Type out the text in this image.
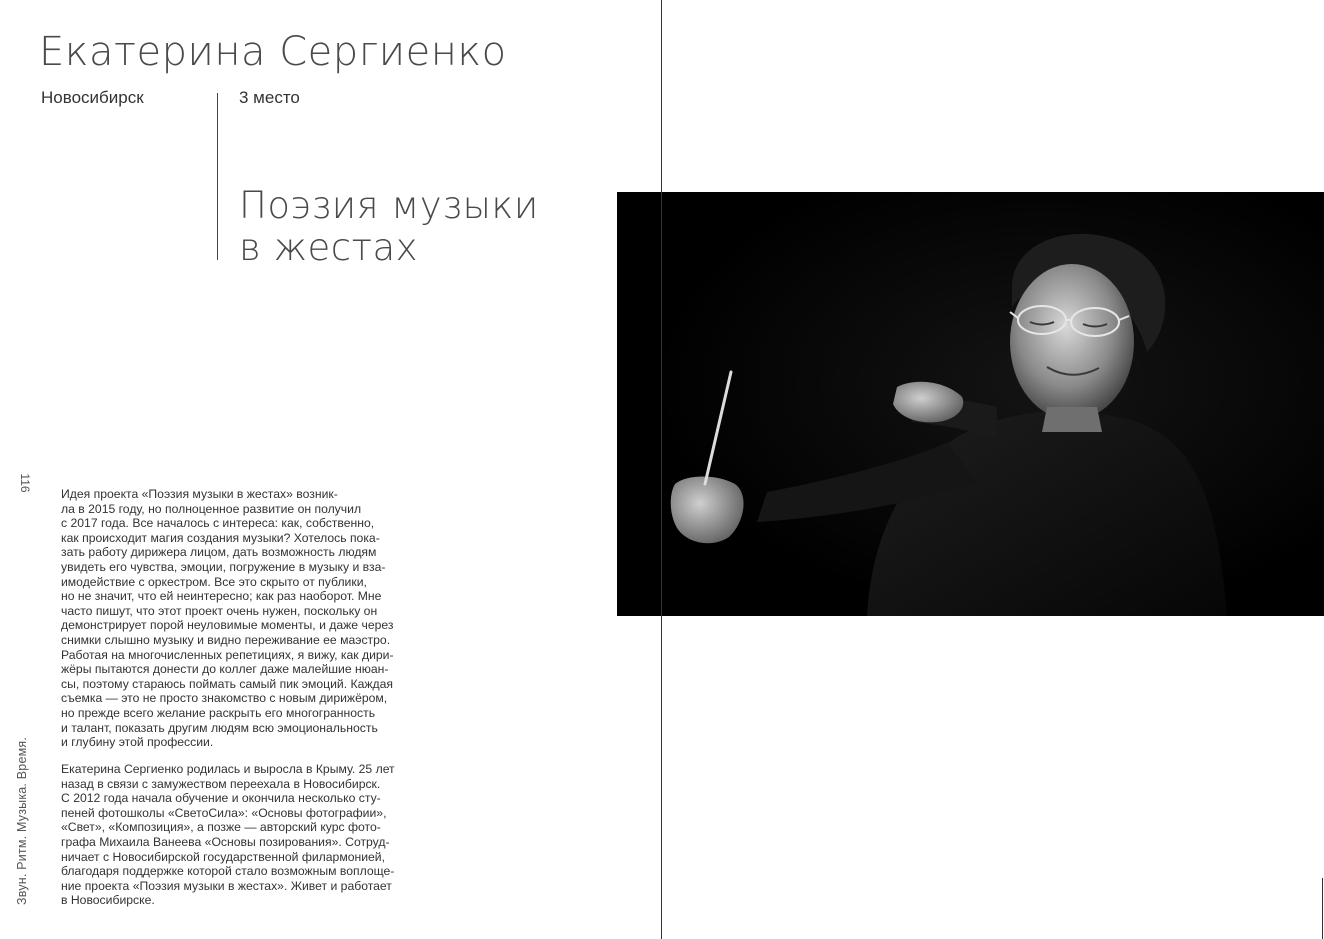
Екатерина Сергиенко
Новосибирск	3 место
Поэзия музыки
в жестах
116
Звун. Ритм. Музыка. Время.
Идея проекта «Поэзия музыки в жестах» возник-
ла в 2015 году, но полноценное развитие он получил
с 2017 года. Все началось с интереса: как, собственно,
как происходит магия создания музыки? Хотелось пока-
зать работу дирижера лицом, дать возможность людям
увидеть его чувства, эмоции, погружение в музыку и вза-
имодействие с оркестром. Все это скрыто от публики,
но не значит, что ей неинтересно; как раз наоборот. Мне
часто пишут, что этот проект очень нужен, поскольку он
демонстрирует порой неуловимые моменты, и даже через
снимки слышно музыку и видно переживание ее маэстро.
Работая на многочисленных репетициях, я вижу, как дири-
жёры пытаются донести до коллег даже малейшие нюан-
сы, поэтому стараюсь поймать самый пик эмоций. Каждая
съемка — это не просто знакомство с новым дирижёром,
но прежде всего желание раскрыть его многогранность
и талант, показать другим людям всю эмоциональность
и глубину этой профессии.
Екатерина Сергиенко родилась и выросла в Крыму. 25 лет
назад в связи с замужеством переехала в Новосибирск.
С 2012 года начала обучение и окончила несколько сту-
пеней фотошколы «СветоСила»: «Основы фотографии»,
«Свет», «Композиция», а позже — авторский курс фото-
графа Михаила Ванеева «Основы позирования». Сотруд-
ничает с Новосибирской государственной филармонией,
благодаря поддержке которой стало возможным воплоще-
ние проекта «Поэзия музыки в жестах». Живет и работает
в Новосибирске.
